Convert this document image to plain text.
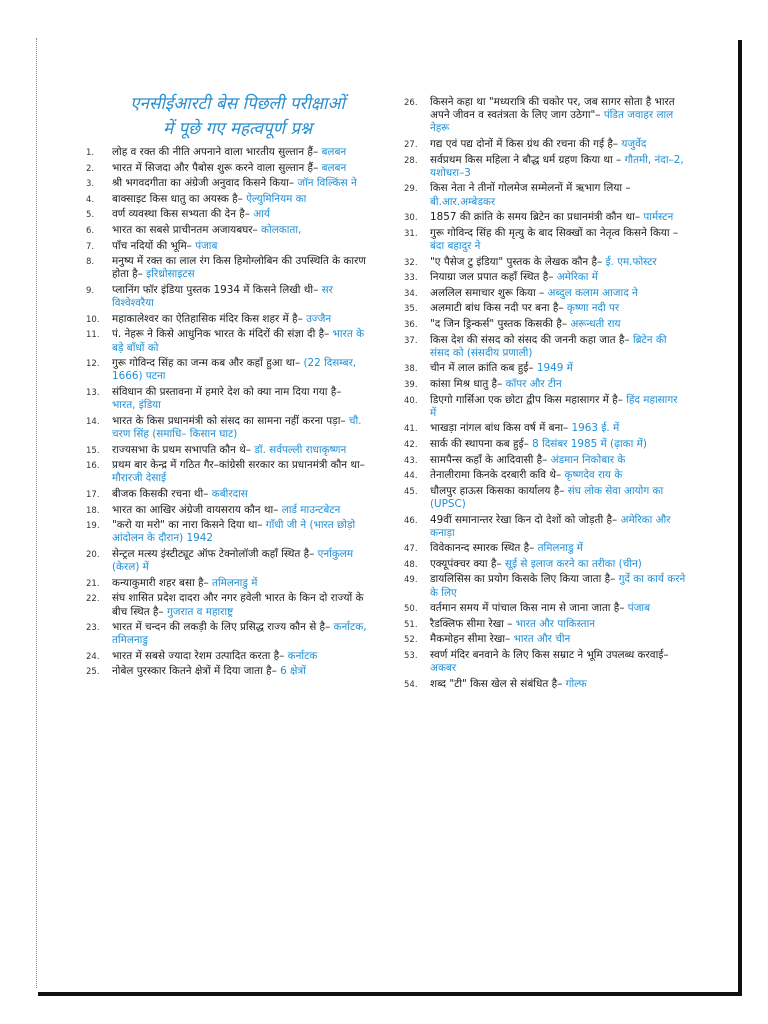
एनसीईआरटी बेस पिछली परीक्षाओं
में पूछे गए महत्वपूर्ण प्रश्न
1.	लोह व रक्त की नीति अपनाने वाला भारतीय सुल्तान हैं– बलबन
2.	भारत में सिजदा और पैबोस शुरू करने वाला सुल्तान हैं– बलबन
3.	श्री भगवदगीता का अंग्रेजी अनुवाद किसने किया– जॉन विल्किंस ने
4.	बाक्साइट किस धातु का अयस्क है– ऐल्युमिनियम का
5.	वर्ण व्यवस्था किस सभ्यता की देन है– आर्य
6.	भारत का सबसे प्राचीनतम अजायबघर– कोलकाता,
7.	पाँच नदियों की भूमि– पंजाब
8.	मनुष्य में रक्त का लाल रंग किस हिमोग्लोबिन की उपस्थिति के कारण होता है– इरिथ्रोसाइटस
9.	प्लानिंग फॉर इंडिया पुस्तक 1934 में किसने लिखी थी– सर विश्वेश्वरैया
10.	महाकालेश्वर का ऐतिहासिक मंदिर किस शहर में है– उज्जैन
11.	पं. नेहरू ने किसे आधुनिक भारत के मंदिरों की संज्ञा दी है– भारत के बड़े बाँधों को
12.	गुरू गोविन्द सिंह का जन्म कब और कहाँ हुआ था– (22 दिसम्बर, 1666) पटना
13.	संविधान की प्रस्तावना में हमारे देश को क्या नाम दिया गया है– भारत, इंडिया
14.	भारत के किस प्रधानमंत्री को संसद का सामना नहीं करना पड़ा– चौ. चरण सिंह (समाधि– किसान घाट)
15.	राज्यसभा के प्रथम सभापति कौन थे– डॉ. सर्वपल्ली राधाकृष्णन
16.	प्रथम बार केन्द्र में गठित गैर–कांग्रेसी सरकार का प्रधानमंत्री कौन था– मौरारजी देसाई
17.	बीजक किसकी रचना थी– कबीरदास
18.	भारत का आखिर अंग्रेजी वायसराय कौन था– लार्ड माउन्टबेटन
19.	"करो या मरो" का नारा किसने दिया था– गाँधी जी ने (भारत छोड़ो आंदोलन के दौरान) 1942
20.	सेन्ट्रल मत्स्य इंस्टीट्यूट ऑफ टेक्नोलॉजी कहाँ स्थित है– एर्नाकुलम (केरल) में
21.	कन्याकुमारी शहर बसा है– तमिलनाडु में
22.	संघ शासित प्रदेश दादरा और नगर हवेली भारत के किन दो राज्यों के बीच स्थित है– गुजरात व महाराष्ट्र
23.	भारत में चन्दन की लकड़ी के लिए प्रसिद्ध राज्य कौन से है– कर्नाटक, तमिलनाडु
24.	भारत में सबसे ज्यादा रेशम उत्पादित करता है– कर्नाटक
25.	नोबेल पुरस्कार कितने क्षेत्रों में दिया जाता है– 6 क्षेत्रों
26.	किसने कहा था "मध्यरात्रि की चकोर पर, जब सागर सोता है भारत अपने जीवन व स्वतंत्रता के लिए जाग उठेगा"– पंडित जवाहर लाल नेहरू
27.	गद्य एवं पद्य दोनों में किस ग्रंथ की रचना की गई है– यजुर्वेद
28.	सर्वप्रथम किस महिला ने बौद्ध धर्म ग्रहण किया था – गौतमी, नंदा–2, यशोधरा–3
29.	किस नेता ने तीनों गोलमेज सम्मेलनों में ऋभाग लिया – बी.आर.अम्बेडकर
30.	1857 की क्रांति के समय ब्रिटेन का प्रधानमंत्री कौन था– पार्मस्टन
31.	गुरू गोविन्द सिंह की मृत्यु के बाद सिक्खों का नेतृत्व किसने किया – बंदा बहादुर ने
32.	"ए पैसेज टु इंडिया" पुस्तक के लेखक कौन है– ई. एम.फोस्टर
33.	नियाग्रा जल प्रपात कहाँ स्थित है– अमेरिका में
34.	अललिल समाचार शुरू किया – अब्दुल कलाम आजाद ने
35.	अलमाटी बांध किस नदी पर बना है– कृष्णा नदी पर
36.	"द जिन ड्रिन्कर्स" पुस्तक किसकी है– अरून्धती राय
37.	किस देश की संसद को संसद की जननी कहा जात है– ब्रिटेन की संसद को (संसदीय प्रणाली)
38.	चीन में लाल क्रांति कब हुई– 1949 में
39.	कांसा मिश्र धातु है– कॉपर और टीन
40.	डिएगो गार्सिआ एक छोटा द्वीप किस महासागर में है– हिंद महासागर में
41.	भाखड़ा नांगल बांध किस वर्ष में बना– 1963 ई. में
42.	सार्क की स्थापना कब हुई– 8 दिसंबर 1985 में (ढ़ाका में)
43.	सामपैन्स कहाँ के आदिवासी है– अंडमान निकोबार के
44.	तेनालीरामा किनके दरबारी कवि थे– कृष्णदेव राय के
45.	धौलपुर हाऊस किसका कार्यालय है– संघ लोक सेवा आयोग का (UPSC)
46.	49वीं समानान्तर रेखा किन दो देशों को जोड़ती है– अमेरिका और कनाड़ा
47.	विवेकानन्द स्मारक स्थित है– तमिलनाडु में
48.	एक्यूपंक्चर क्या है– सूई से इलाज करने का तरीका (चीन)
49.	डायलिसिस का प्रयोग किसके लिए किया जाता है– गुर्दे का कार्य करने के लिए
50.	वर्तमान समय में पांचाल किस नाम से जाना जाता है– पंजाब
51.	रैडक्लिफ सीमा रेखा – भारत और पाकिस्तान
52.	मैकमोहन सीमा रेखा– भारत और चीन
53.	स्वर्ण मंदिर बनवाने के लिए किस सम्राट ने भूमि उपलब्ध करवाई– अकबर
54.	शब्द "टी" किस खेल से संबंधित है– गोल्फ
